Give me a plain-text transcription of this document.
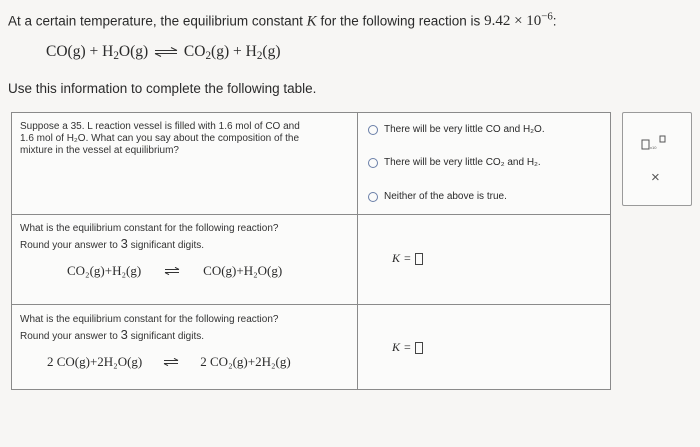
At a certain temperature, the equilibrium constant K for the following reaction is $9.42 \times 10^{-6}$:
$CO(g) + H_2O(g)$ ⇌ $CO_2(g) + H_2(g)$
Use this information to complete the following table.
Suppose a 35. L reaction vessel is filled with 1.6 mol of CO and
1.6 mol of H₂O. What can you say about the composition of the
mixture in the vessel at equilibrium?
There will be very little CO and H₂O.
There will be very little CO₂ and H₂.
Neither of the above is true.
What is the equilibrium constant for the following reaction?
Round your answer to 3 significant digits.
CO₂(g)+H₂(g)	CO(g)+H₂O(g)
K =
What is the equilibrium constant for the following reaction?
Round your answer to 3 significant digits.
2 CO(g)+2H₂O(g)	2 CO₂(g)+2H₂(g)
K =
x10
×
